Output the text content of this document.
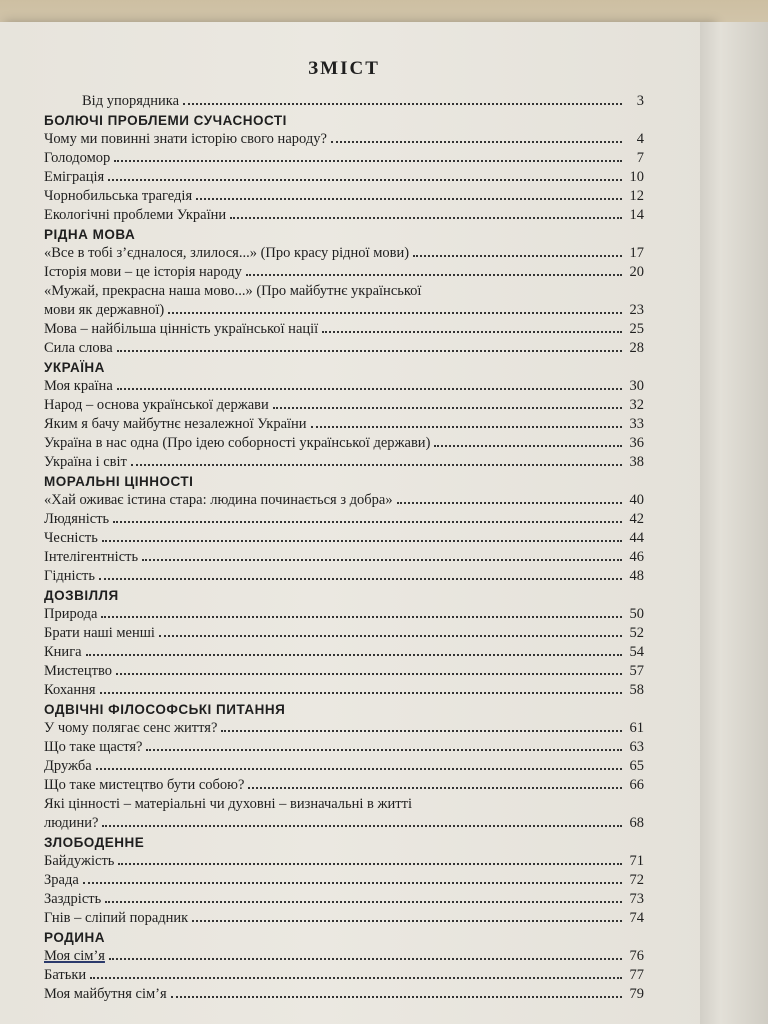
ЗМІСТ
Від упорядника	3
БОЛЮЧІ ПРОБЛЕМИ СУЧАСНОСТІ
Чому ми повинні знати історію свого народу?	4
Голодомор	7
Еміграція	10
Чорнобильська трагедія	12
Екологічні проблеми України	14
РІДНА МОВА
«Все в тобі з’єдналося, злилося...» (Про красу рідної мови)	17
Історія мови – це історія народу	20
«Мужай, прекрасна наша мово...» (Про майбутнє української
мови як державної)	23
Мова – найбільша цінність української нації	25
Сила слова	28
УКРАЇНА
Моя країна	30
Народ – основа української держави	32
Яким я бачу майбутнє незалежної України	33
Україна в нас одна (Про ідею соборності української держави)	36
Україна і світ	38
МОРАЛЬНІ ЦІННОСТІ
«Хай оживає істина стара: людина починається з добра»	40
Людяність	42
Чесність	44
Інтелігентність	46
Гідність	48
ДОЗВІЛЛЯ
Природа	50
Брати наші менші	52
Книга	54
Мистецтво	57
Кохання	58
ОДВІЧНІ ФІЛОСОФСЬКІ ПИТАННЯ
У чому полягає сенс життя?	61
Що таке щастя?	63
Дружба	65
Що таке мистецтво бути собою?	66
Які цінності – матеріальні чи духовні – визначальні в житті
людини?	68
ЗЛОБОДЕННЕ
Байдужість	71
Зрада	72
Заздрість	73
Гнів – сліпий порадник	74
РОДИНА
Моя сім’я	76
Батьки	77
Моя майбутня сім’я	79
